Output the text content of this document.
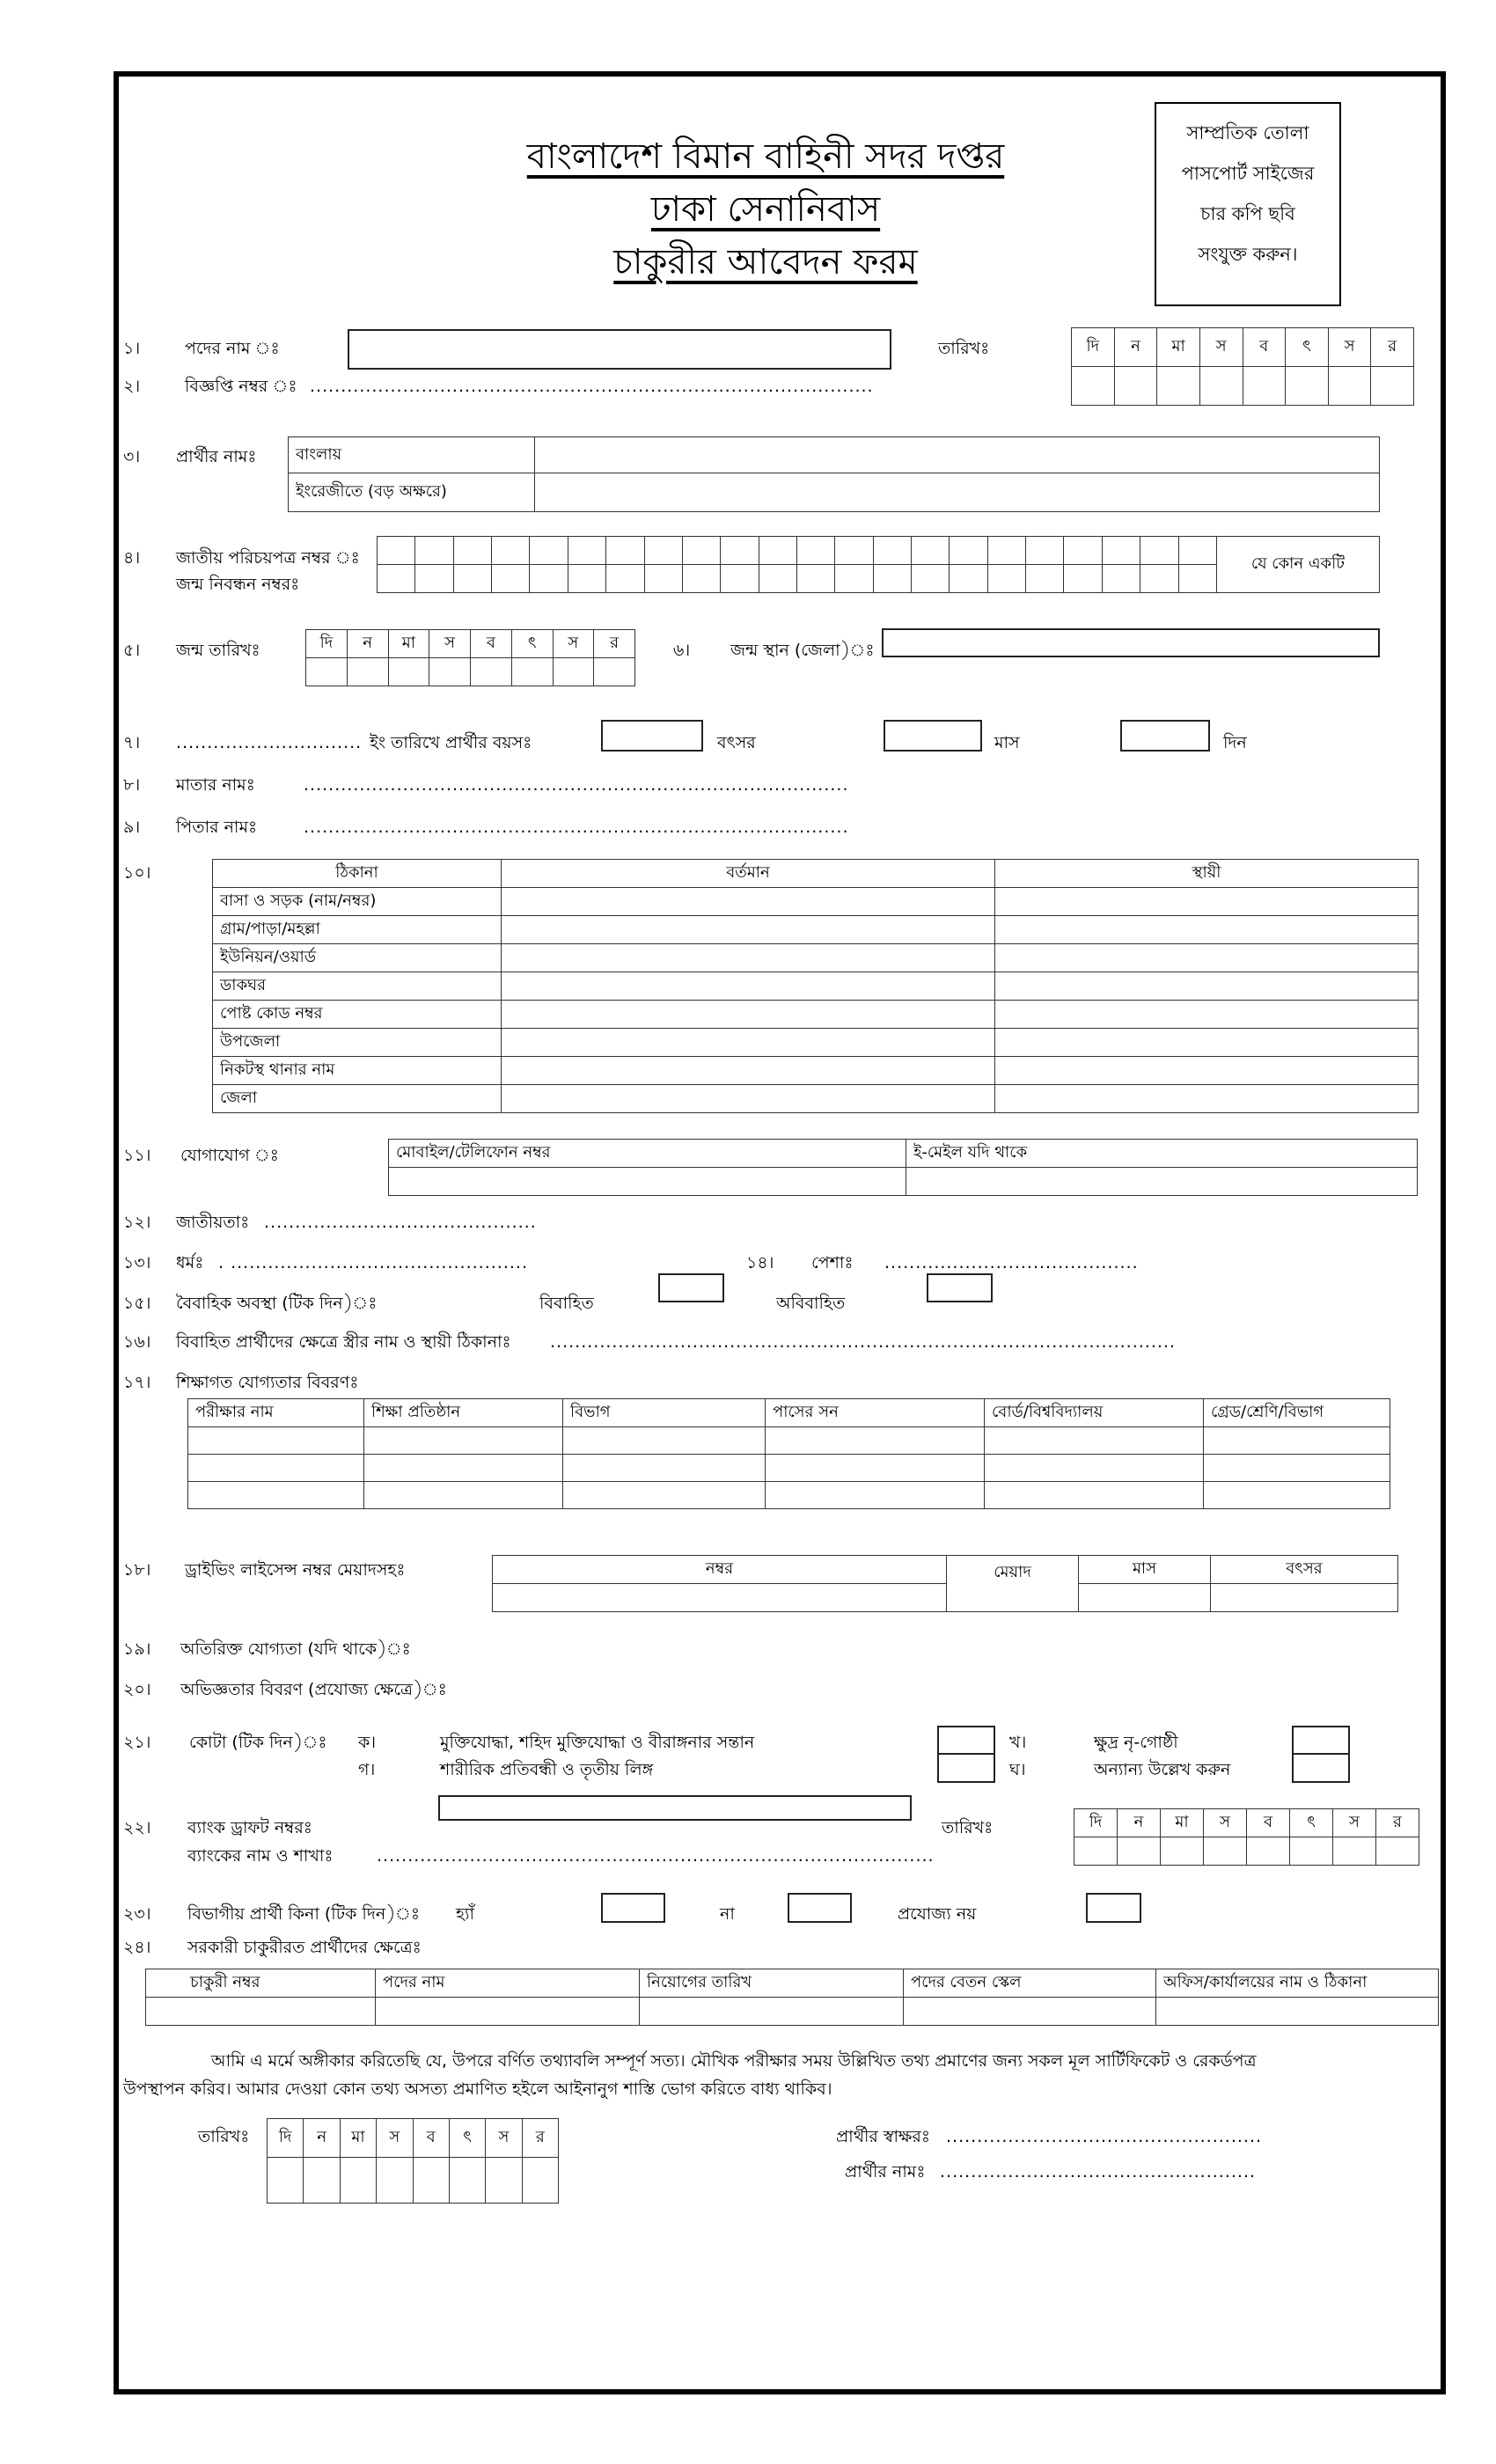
বাংলাদেশ বিমান বাহিনী সদর দপ্তর
ঢাকা সেনানিবাস
চাকুরীর আবেদন ফরম
সাম্প্রতিক তোলা
পাসপোর্ট সাইজের
চার কপি ছবি
সংযুক্ত করুন।
১।	পদের নাম ঃ	তারিখঃ	দি	ন	মা	স	ব	ৎ	স	র

২।	বিজ্ঞপ্তি নম্বর ঃ ...........................................................................................
৩। প্রার্থীর নামঃ বাংলায়	
ইংরেজীতে (বড় অক্ষরে)	
৪। জাতীয় পরিচয়পত্র নম্বর ঃ
জন্ম নিবন্ধন নম্বরঃ
																						যে কোন একটি

৫। জন্ম তারিখঃ	দি	ন	মা	স	ব	ৎ	স	র
								৬। জন্ম স্থান (জেলা)ঃ
৭। .............................. ইং তারিখে প্রার্থীর বয়সঃ	বৎসর	মাস	দিন
৮। মাতার নামঃ	........................................................................................
৯। পিতার নামঃ	........................................................................................
১০।	ঠিকানা	বর্তমান	স্থায়ী
বাসা ও সড়ক (নাম/নম্বর)		
গ্রাম/পাড়া/মহল্লা		
ইউনিয়ন/ওয়ার্ড		
ডাকঘর		
পোষ্ট কোড নম্বর		
উপজেলা		
নিকটস্থ থানার নাম		
জেলা		
১১। যোগাযোগ ঃ	মোবাইল/টেলিফোন নম্বর	ই-মেইল যদি থাকে

১২। জাতীয়তাঃ ............................................
১৩। ধর্মঃ . ................................................	১৪। পেশাঃ .........................................
১৫। বৈবাহিক অবস্থা (টিক দিন)ঃ	বিবাহিত	অবিবাহিত
১৬। বিবাহিত প্রার্থীদের ক্ষেত্রে স্ত্রীর নাম ও স্থায়ী ঠিকানাঃ .....................................................................................................
১৭। শিক্ষাগত যোগ্যতার বিবরণঃ
পরীক্ষার নাম	শিক্ষা প্রতিষ্ঠান	বিভাগ	পাসের সন	বোর্ড/বিশ্ববিদ্যালয়	গ্রেড/শ্রেণি/বিভাগ

১৮। ড্রাইভিং লাইসেন্স নম্বর মেয়াদসহঃ	নম্বর	মেয়াদ	মাস	বৎসর

১৯। অতিরিক্ত যোগ্যতা (যদি থাকে)ঃ
২০। অভিজ্ঞতার বিবরণ (প্রযোজ্য ক্ষেত্রে)ঃ
২১। কোটা (টিক দিন)ঃ ক।	মুক্তিযোদ্ধা, শহিদ মুক্তিযোদ্ধা ও বীরাঙ্গনার সন্তান
গ।	শারীরিক প্রতিবন্ধী ও তৃতীয় লিঙ্গ
খ।	ক্ষুদ্র নৃ-গোষ্ঠী
ঘ।	অন্যান্য উল্লেখ করুন
২২। ব্যাংক ড্রাফট নম্বরঃ	তারিখঃ	দি	ন	মা	স	ব	ৎ	স	র

ব্যাংকের নাম ও শাখাঃ	..........................................................................................
২৩। বিভাগীয় প্রার্থী কিনা (টিক দিন)ঃ হ্যাঁ	না	প্রযোজ্য নয়
২৪। সরকারী চাকুরীরত প্রার্থীদের ক্ষেত্রেঃ
চাকুরী নম্বর	পদের নাম	নিয়োগের তারিখ	পদের বেতন স্কেল	অফিস/কার্যালয়ের নাম ও ঠিকানা

আমি এ মর্মে অঙ্গীকার করিতেছি যে, উপরে বর্ণিত তথ্যাবলি সম্পূর্ণ সত্য। মৌখিক পরীক্ষার সময় উল্লিখিত তথ্য প্রমাণের জন্য সকল মূল সার্টিফিকেট ও রেকর্ডপত্র
উপস্থাপন করিব। আমার দেওয়া কোন তথ্য অসত্য প্রমাণিত হইলে আইনানুগ শাস্তি ভোগ করিতে বাধ্য থাকিব।
তারিখঃ দি	ন	মা	স	ব	ৎ	স	র
								প্রার্থীর স্বাক্ষরঃ ...................................................
প্রার্থীর নামঃ ...................................................
